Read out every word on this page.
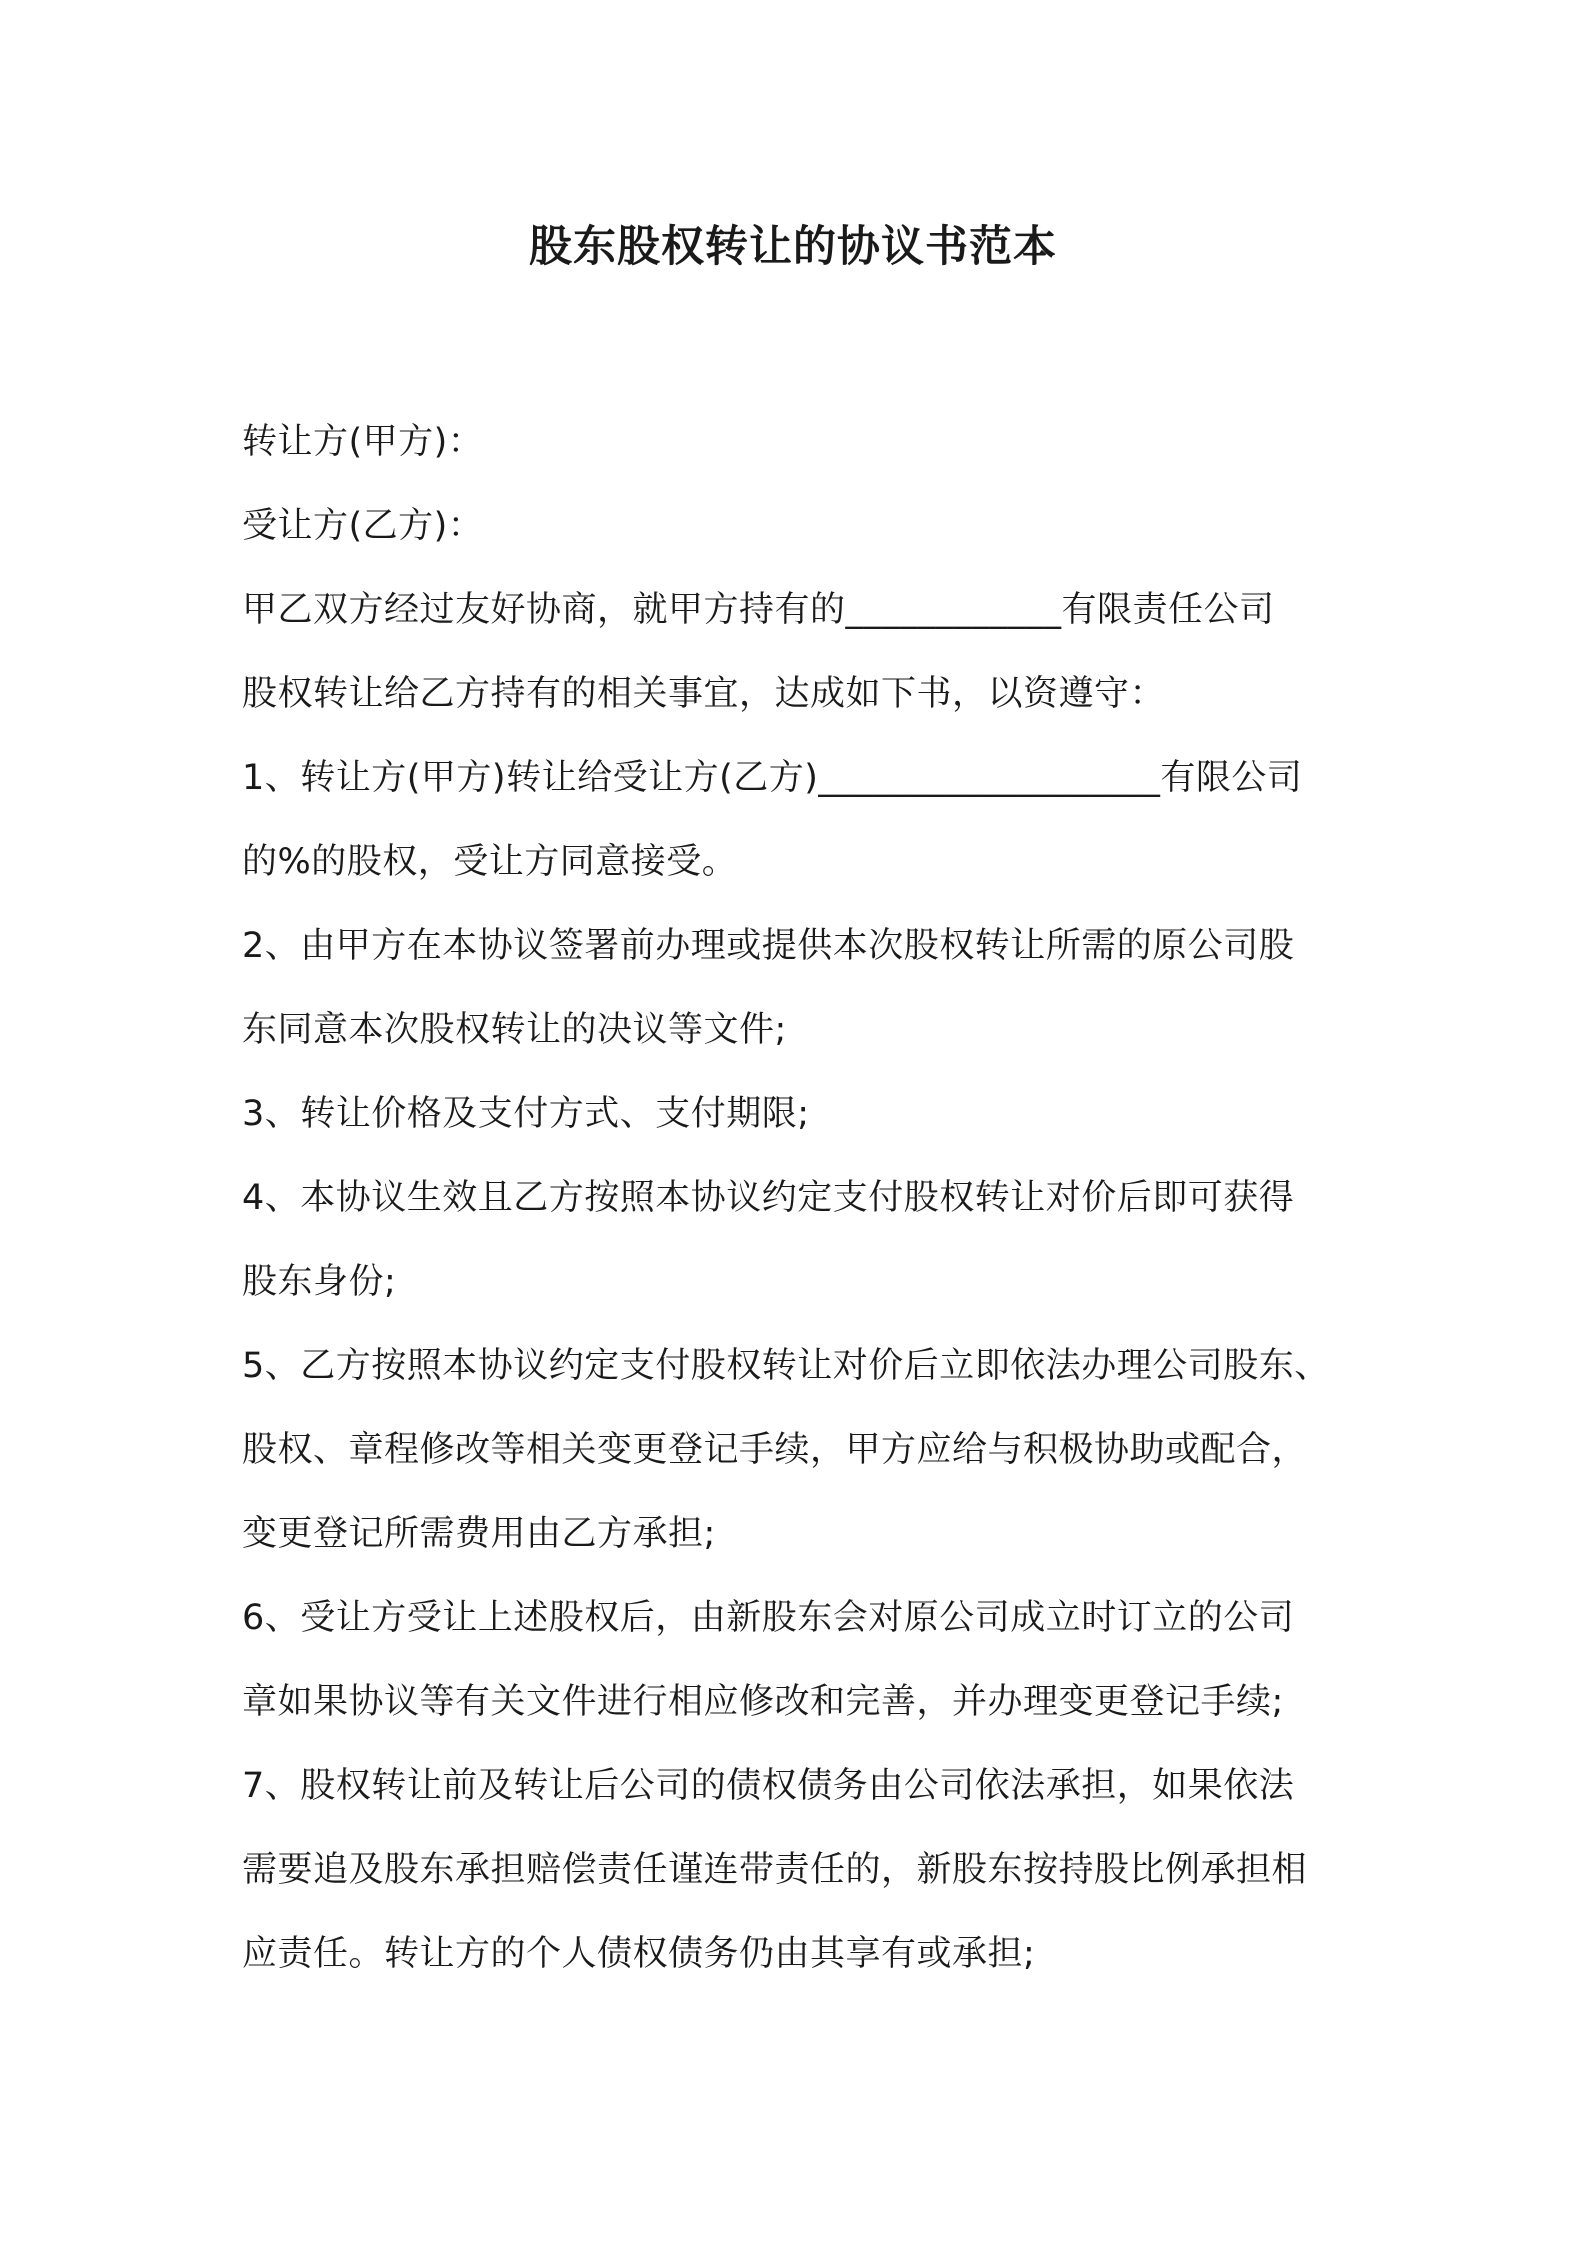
股东股权转让的协议书范本
转让方(甲方)：
受让方(乙方)：
甲乙双方经过友好协商，就甲方持有的____________有限责任公司
股权转让给乙方持有的相关事宜，达成如下书，以资遵守：
1、转让方(甲方)转让给受让方(乙方)___________________有限公司
的%的股权，受让方同意接受。
2、由甲方在本协议签署前办理或提供本次股权转让所需的原公司股
东同意本次股权转让的决议等文件;
3、转让价格及支付方式、支付期限;
4、本协议生效且乙方按照本协议约定支付股权转让对价后即可获得
股东身份;
5、乙方按照本协议约定支付股权转让对价后立即依法办理公司股东、
股权、章程修改等相关变更登记手续，甲方应给与积极协助或配合，
变更登记所需费用由乙方承担;
6、受让方受让上述股权后，由新股东会对原公司成立时订立的公司
章如果协议等有关文件进行相应修改和完善，并办理变更登记手续;
7、股权转让前及转让后公司的债权债务由公司依法承担，如果依法
需要追及股东承担赔偿责任谨连带责任的，新股东按持股比例承担相
应责任。转让方的个人债权债务仍由其享有或承担;
